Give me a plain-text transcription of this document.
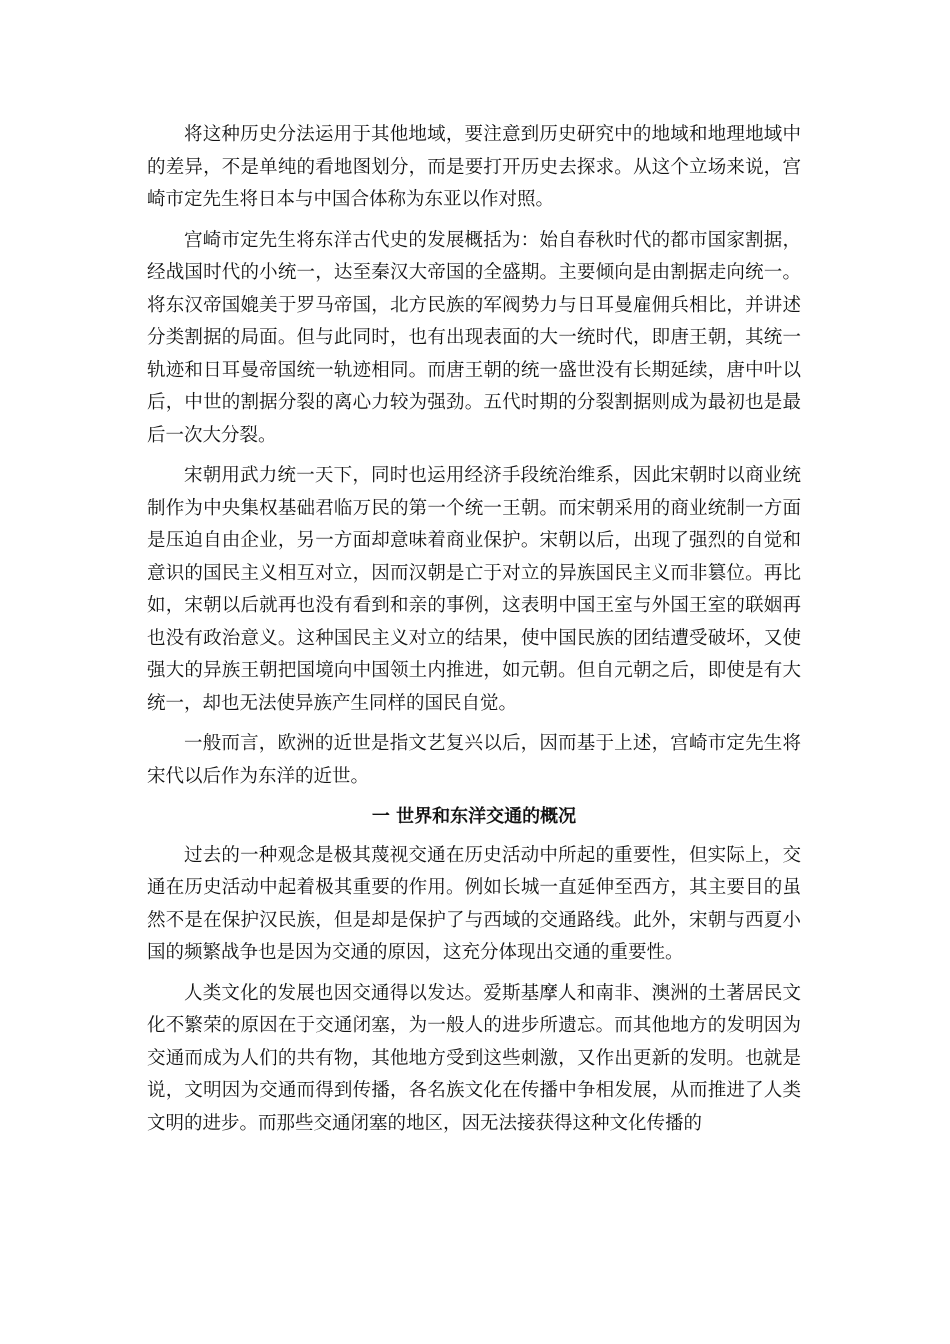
将这种历史分法运用于其他地域，要注意到历史研究中的地域和地理地域中的差异，不是单纯的看地图划分，而是要打开历史去探求。从这个立场来说，宫崎市定先生将日本与中国合体称为东亚以作对照。

宫崎市定先生将东洋古代史的发展概括为：始自春秋时代的都市国家割据，经战国时代的小统一，达至秦汉大帝国的全盛期。主要倾向是由割据走向统一。将东汉帝国媲美于罗马帝国，北方民族的军阀势力与日耳曼雇佣兵相比，并讲述分类割据的局面。但与此同时，也有出现表面的大一统时代，即唐王朝，其统一轨迹和日耳曼帝国统一轨迹相同。而唐王朝的统一盛世没有长期延续，唐中叶以后，中世的割据分裂的离心力较为强劲。五代时期的分裂割据则成为最初也是最后一次大分裂。

宋朝用武力统一天下，同时也运用经济手段统治维系，因此宋朝时以商业统制作为中央集权基础君临万民的第一个统一王朝。而宋朝采用的商业统制一方面是压迫自由企业，另一方面却意味着商业保护。宋朝以后，出现了强烈的自觉和意识的国民主义相互对立，因而汉朝是亡于对立的异族国民主义而非篡位。再比如，宋朝以后就再也没有看到和亲的事例，这表明中国王室与外国王室的联姻再也没有政治意义。这种国民主义对立的结果，使中国民族的团结遭受破坏，又使强大的异族王朝把国境向中国领土内推进，如元朝。但自元朝之后，即使是有大统一，却也无法使异族产生同样的国民自觉。

一般而言，欧洲的近世是指文艺复兴以后，因而基于上述，宫崎市定先生将宋代以后作为东洋的近世。

一 世界和东洋交通的概况

过去的一种观念是极其蔑视交通在历史活动中所起的重要性，但实际上，交通在历史活动中起着极其重要的作用。例如长城一直延伸至西方，其主要目的虽然不是在保护汉民族，但是却是保护了与西域的交通路线。此外，宋朝与西夏小国的频繁战争也是因为交通的原因，这充分体现出交通的重要性。

人类文化的发展也因交通得以发达。爱斯基摩人和南非、澳洲的土著居民文化不繁荣的原因在于交通闭塞，为一般人的进步所遗忘。而其他地方的发明因为交通而成为人们的共有物，其他地方受到这些刺激，又作出更新的发明。也就是说，文明因为交通而得到传播，各名族文化在传播中争相发展，从而推进了人类文明的进步。而那些交通闭塞的地区，因无法接获得这种文化传播的
